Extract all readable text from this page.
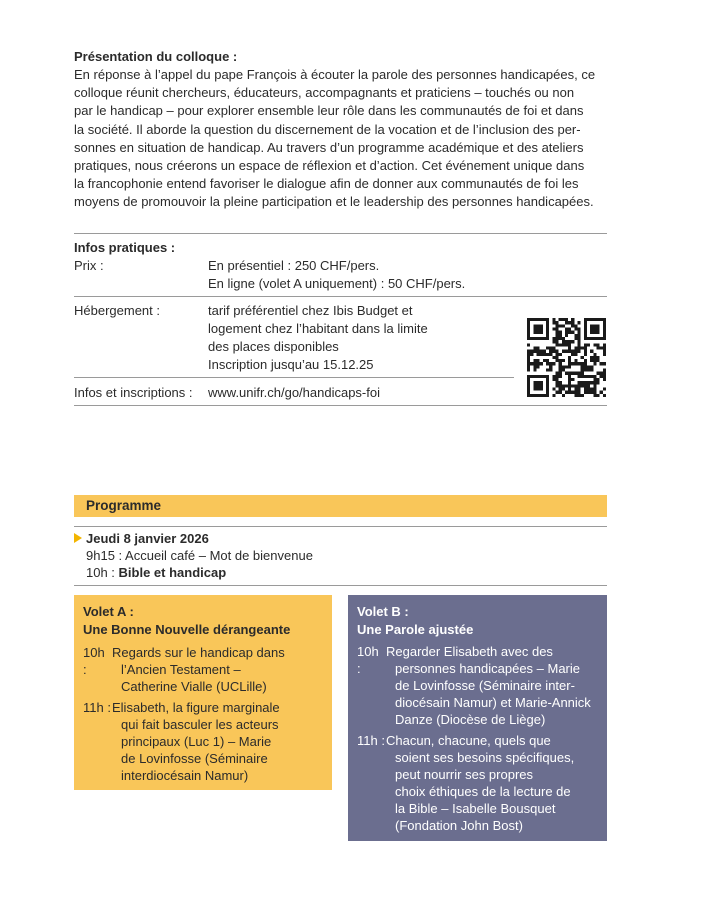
Présentation du colloque :
En réponse à l’appel du pape François à écouter la parole des personnes handicapées, ce
colloque réunit chercheurs, éducateurs, accompagnants et praticiens – touchés ou non
par le handicap – pour explorer ensemble leur rôle dans les communautés de foi et dans
la société. Il aborde la question du discernement de la vocation et de l’inclusion des per-
sonnes en situation de handicap. Au travers d’un programme académique et des ateliers
pratiques, nous créerons un espace de réflexion et d’action. Cet événement unique dans
la francophonie entend favoriser le dialogue afin de donner aux communautés de foi les
moyens de promouvoir la pleine participation et le leadership des personnes handicapées.
Infos pratiques :
Prix :	En présentiel : 250 CHF/pers.
En ligne (volet A uniquement) : 50 CHF/pers.
Hébergement :	tarif préférentiel chez Ibis Budget et
logement chez l’habitant dans la limite
des places disponibles
Inscription jusqu’au 15.12.25
Infos et inscriptions : www.unifr.ch/go/handicaps-foi
Programme
Jeudi 8 janvier 2026
9h15 : Accueil café – Mot de bienvenue
10h : Bible et handicap
Volet A :
Une Bonne Nouvelle dérangeante
10h :
Regards sur le handicap dans
l’Ancien Testament –
Catherine Vialle (UCLille)
11h : Elisabeth, la figure marginale
qui fait basculer les acteurs
principaux (Luc 1) – Marie
de Lovinfosse (Séminaire
interdiocésain Namur)
Volet B :
Une Parole ajustée
10h :
Regarder Elisabeth avec des
personnes handicapées – Marie
de Lovinfosse (Séminaire inter-
diocésain Namur) et Marie-Annick
Danze (Diocèse de Liège)
11h : Chacun, chacune, quels que
soient ses besoins spécifiques,
peut nourrir ses propres
choix éthiques de la lecture de
la Bible – Isabelle Bousquet
(Fondation John Bost)
